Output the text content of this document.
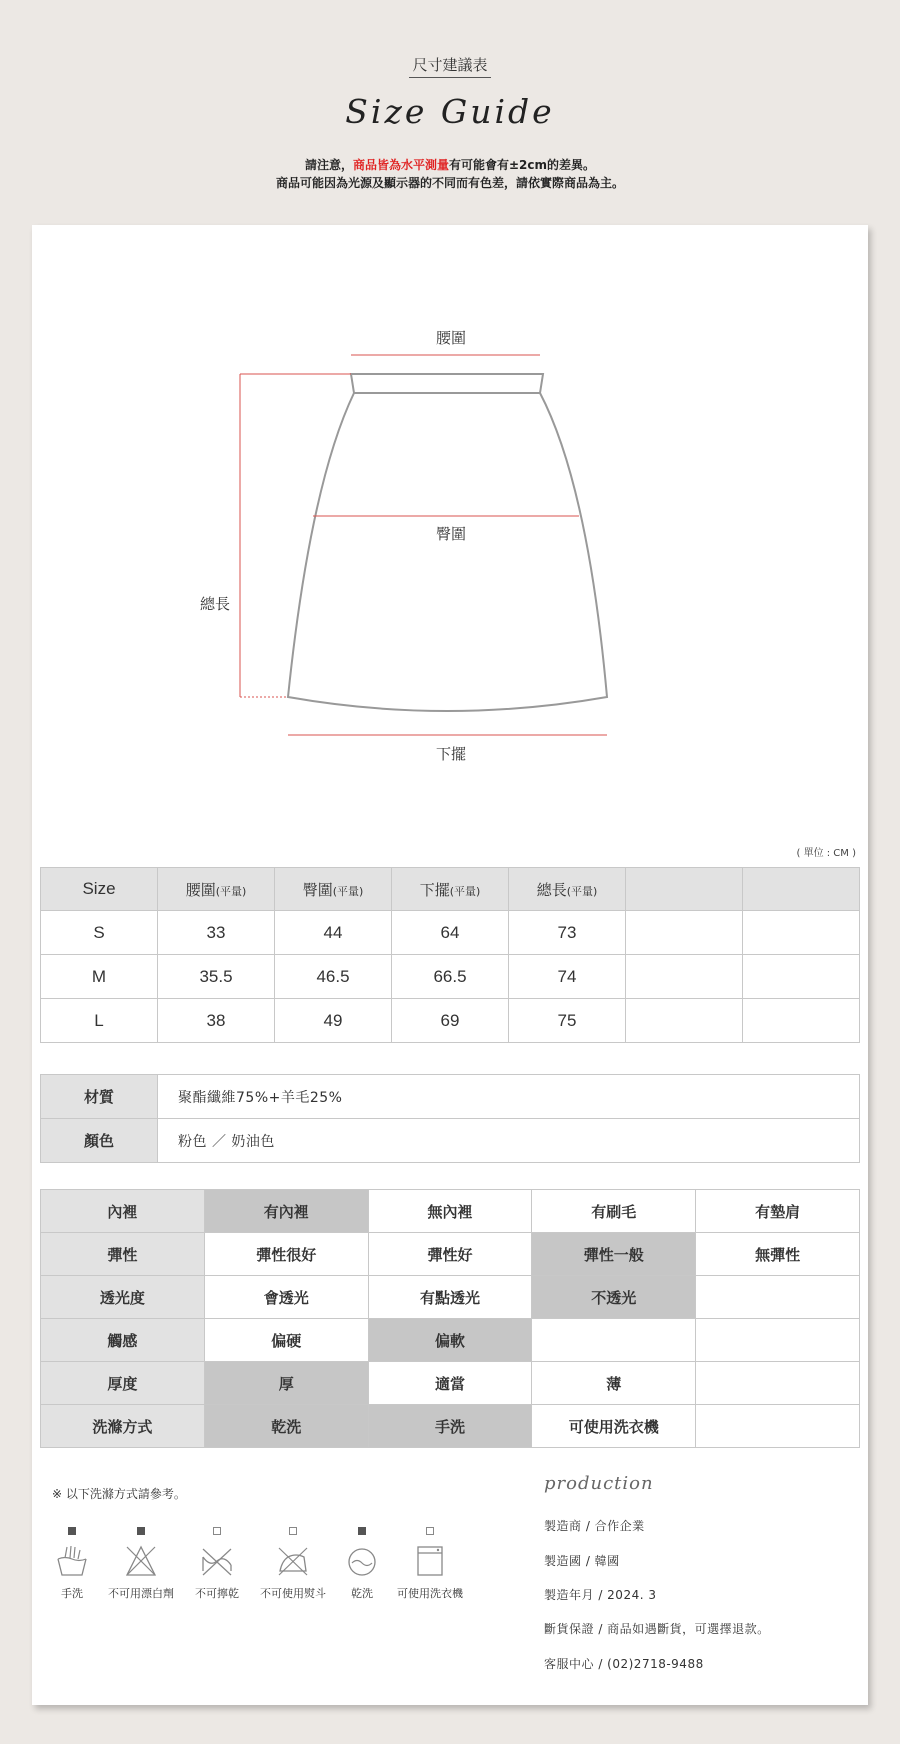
尺寸建議表
Size Guide
請注意，商品皆為水平測量有可能會有±2cm的差異。
商品可能因為光源及顯示器的不同而有色差，請依實際商品為主。
腰圍
臀圍
總長
下擺
( 單位 : CM )
Size	腰圍(平量)	臀圍(平量)	下擺(平量)	總長(平量)		
S	33	44	64	73		
M	35.5	46.5	66.5	74		
L	38	49	69	75		
材質	聚酯纖維75%+羊毛25%
顏色	粉色 ／ 奶油色
內裡	有內裡	無內裡	有刷毛	有墊肩
彈性	彈性很好	彈性好	彈性一般	無彈性
透光度	會透光	有點透光	不透光	
觸感	偏硬	偏軟		
厚度	厚	適當	薄	
洗滌方式	乾洗	手洗	可使用洗衣機	
※ 以下洗滌方式請參考。
手洗	不可用漂白劑	不可擰乾	不可使用熨斗	乾洗	可使用洗衣機
production
製造商 / 合作企業
製造國 / 韓國
製造年月 / 2024. 3
斷貨保證 / 商品如遇斷貨，可選擇退款。
客服中心 / (02)2718-9488
